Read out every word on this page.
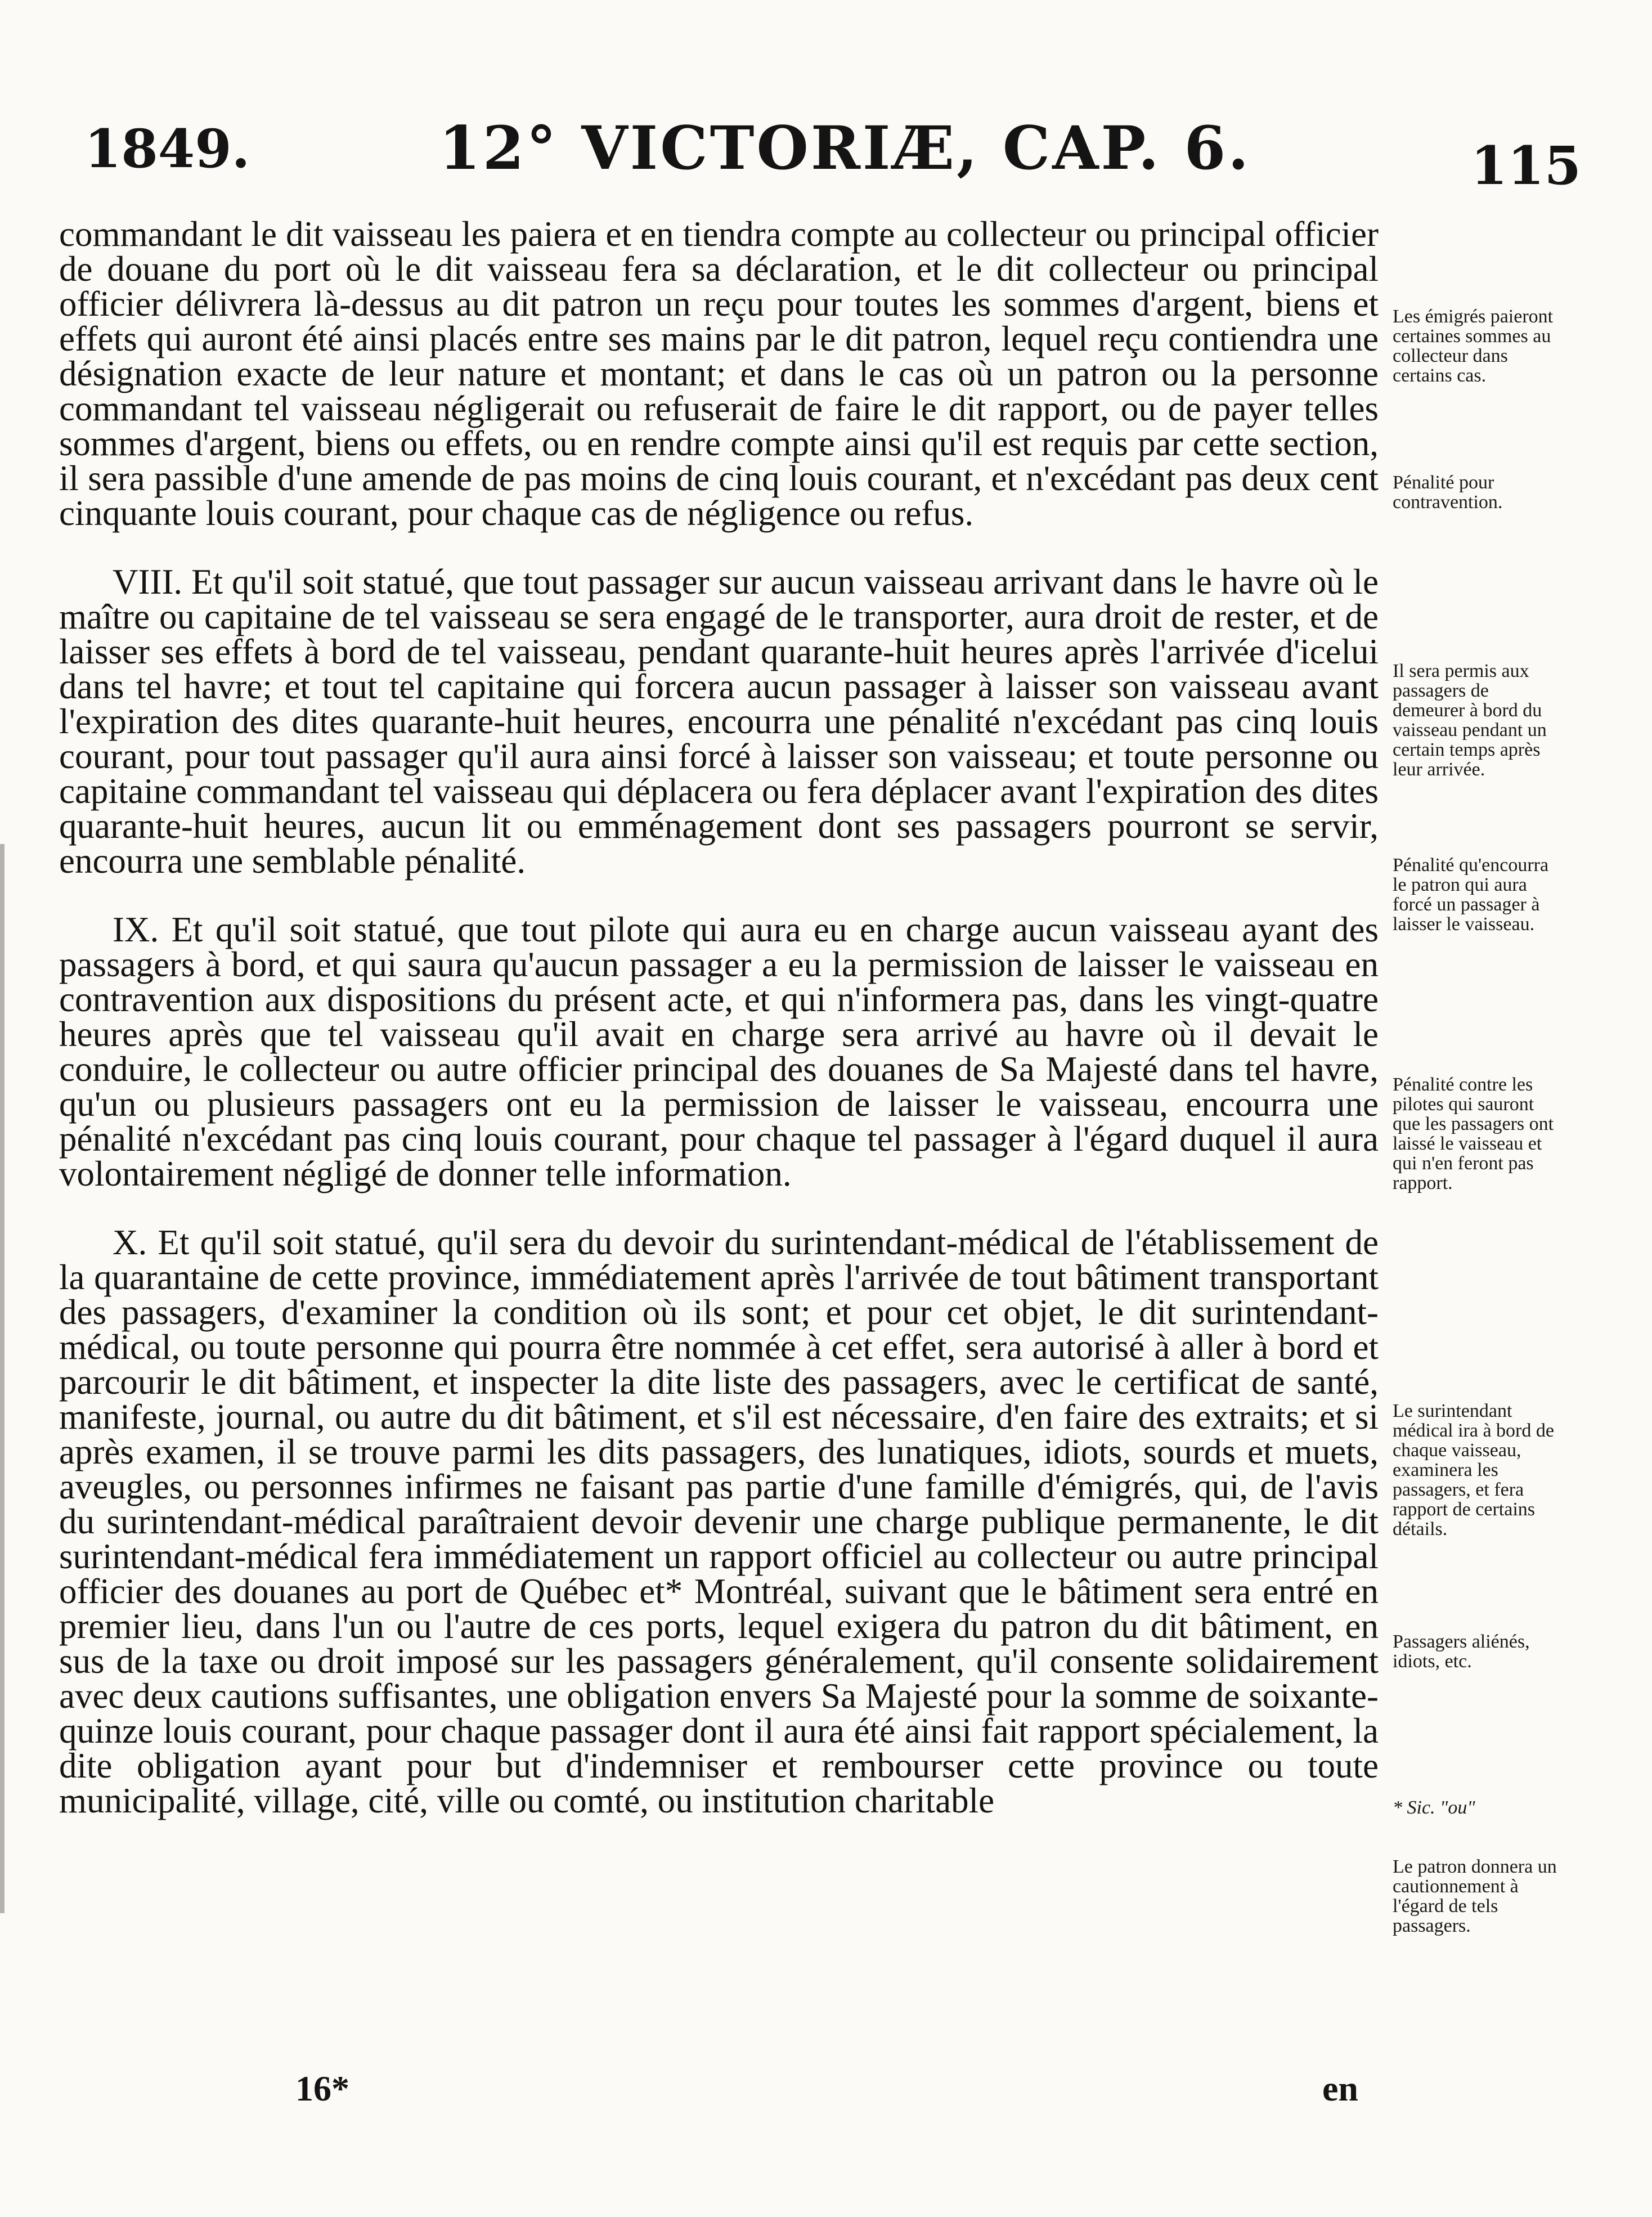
1849.	12° VICTORIÆ, CAP. 6.	115

commandant le dit vaisseau les paiera et en tiendra compte au collecteur ou principal officier de douane du port où le dit vaisseau fera sa déclaration, et le dit collecteur ou principal officier délivrera là-dessus au dit patron un reçu pour toutes les sommes d'argent, biens et effets qui auront été ainsi placés entre ses mains par le dit patron, lequel reçu contiendra une désignation exacte de leur nature et montant; et dans le cas où un patron ou la personne commandant tel vaisseau négligerait ou refuserait de faire le dit rapport, ou de payer telles sommes d'argent, biens ou effets, ou en rendre compte ainsi qu'il est requis par cette section, il sera passible d'une amende de pas moins de cinq louis courant, et n'excédant pas deux cent cinquante louis courant, pour chaque cas de négligence ou refus.

VIII. Et qu'il soit statué, que tout passager sur aucun vaisseau arrivant dans le havre où le maître ou capitaine de tel vaisseau se sera engagé de le transporter, aura droit de rester, et de laisser ses effets à bord de tel vaisseau, pendant quarante-huit heures après l'arrivée d'icelui dans tel havre; et tout tel capitaine qui forcera aucun passager à laisser son vaisseau avant l'expiration des dites quarante-huit heures, encourra une pénalité n'excédant pas cinq louis courant, pour tout passager qu'il aura ainsi forcé à laisser son vaisseau; et toute personne ou capitaine commandant tel vaisseau qui déplacera ou fera déplacer avant l'expiration des dites quarante-huit heures, aucun lit ou emménagement dont ses passagers pourront se servir, encourra une semblable pénalité.

IX. Et qu'il soit statué, que tout pilote qui aura eu en charge aucun vaisseau ayant des passagers à bord, et qui saura qu'aucun passager a eu la permission de laisser le vaisseau en contravention aux dispositions du présent acte, et qui n'informera pas, dans les vingt-quatre heures après que tel vaisseau qu'il avait en charge sera arrivé au havre où il devait le conduire, le collecteur ou autre officier principal des douanes de Sa Majesté dans tel havre, qu'un ou plusieurs passagers ont eu la permission de laisser le vaisseau, encourra une pénalité n'excédant pas cinq louis courant, pour chaque tel passager à l'égard duquel il aura volontairement négligé de donner telle information.

X. Et qu'il soit statué, qu'il sera du devoir du surintendant-médical de l'établissement de la quarantaine de cette province, immédiatement après l'arrivée de tout bâtiment transportant des passagers, d'examiner la condition où ils sont; et pour cet objet, le dit surintendant-médical, ou toute personne qui pourra être nommée à cet effet, sera autorisé à aller à bord et parcourir le dit bâtiment, et inspecter la dite liste des passagers, avec le certificat de santé, manifeste, journal, ou autre du dit bâtiment, et s'il est nécessaire, d'en faire des extraits; et si après examen, il se trouve parmi les dits passagers, des lunatiques, idiots, sourds et muets, aveugles, ou personnes infirmes ne faisant pas partie d'une famille d'émigrés, qui, de l'avis du surintendant-médical paraîtraient devoir devenir une charge publique permanente, le dit surintendant-médical fera immédiatement un rapport officiel au collecteur ou autre principal officier des douanes au port de Québec et* Montréal, suivant que le bâtiment sera entré en premier lieu, dans l'un ou l'autre de ces ports, lequel exigera du patron du dit bâtiment, en sus de la taxe ou droit imposé sur les passagers généralement, qu'il consente solidairement avec deux cautions suffisantes, une obligation envers Sa Majesté pour la somme de soixante-quinze louis courant, pour chaque passager dont il aura été ainsi fait rapport spécialement, la dite obligation ayant pour but d'indemniser et rembourser cette province ou toute municipalité, village, cité, ville ou comté, ou institution charitable

Les émigrés paieront certaines sommes au collecteur dans certains cas.
Pénalité pour contravention.
Il sera permis aux passagers de demeurer à bord du vaisseau pendant un certain temps après leur arrivée.
Pénalité qu'encourra le patron qui aura forcé un passager à laisser le vaisseau.
Pénalité contre les pilotes qui sauront que les passagers ont laissé le vaisseau et qui n'en feront pas rapport.
Le surintendant médical ira à bord de chaque vaisseau, examinera les passagers, et fera rapport de certains détails.
Passagers aliénés, idiots, etc.
* Sic. "ou"
Le patron donnera un cautionnement à l'égard de tels passagers.
16*	en
